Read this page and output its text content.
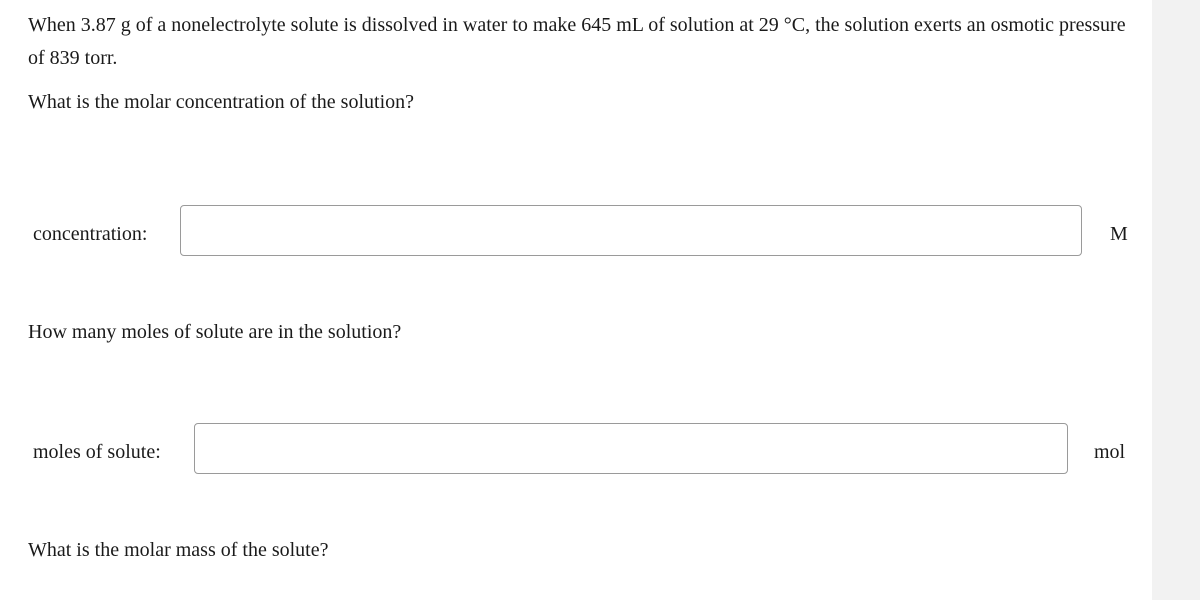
When 3.87 g of a nonelectrolyte solute is dissolved in water to make 645 mL of solution at 29 °C, the solution exerts an osmotic pressure of 839 torr.

What is the molar concentration of the solution?

concentration:	M

How many moles of solute are in the solution?

moles of solute:	mol

What is the molar mass of the solute?
